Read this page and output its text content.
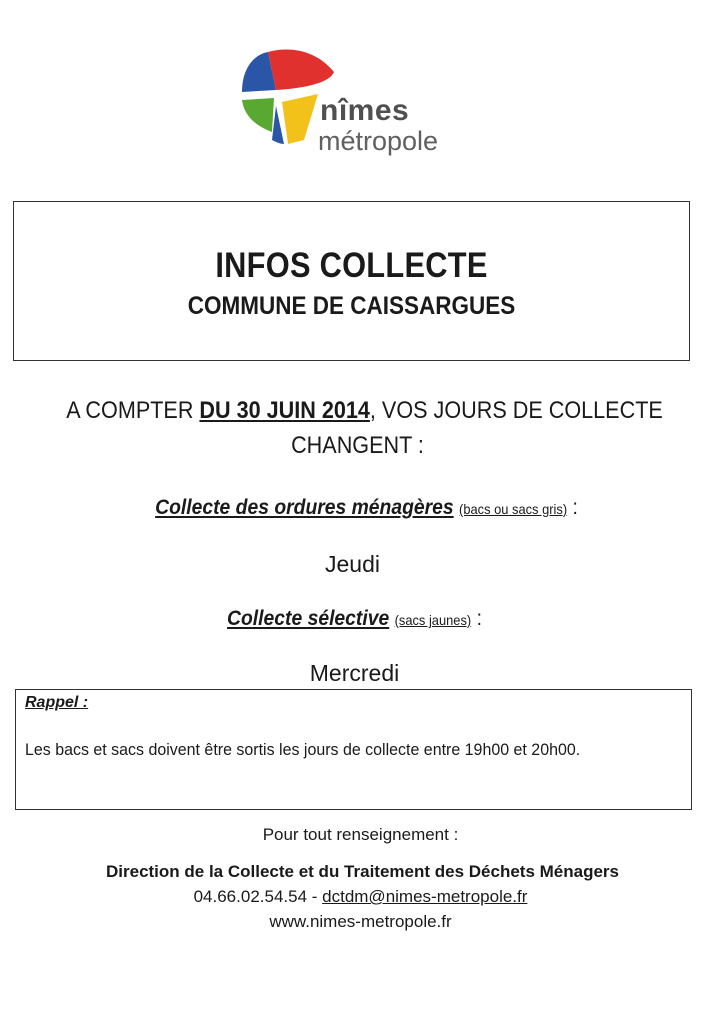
nîmes
métropole
INFOS COLLECTE
COMMUNE DE CAISSARGUES
A COMPTER DU 30 JUIN 2014, VOS JOURS DE COLLECTE
CHANGENT :
Collecte des ordures ménagères (bacs ou sacs gris) :
Jeudi
Collecte sélective (sacs jaunes) :
Mercredi
Rappel :
Les bacs et sacs doivent être sortis les jours de collecte entre 19h00 et 20h00.
Pour tout renseignement :
Direction de la Collecte et du Traitement des Déchets Ménagers
04.66.02.54.54 - dctdm@nimes-metropole.fr
www.nimes-metropole.fr
